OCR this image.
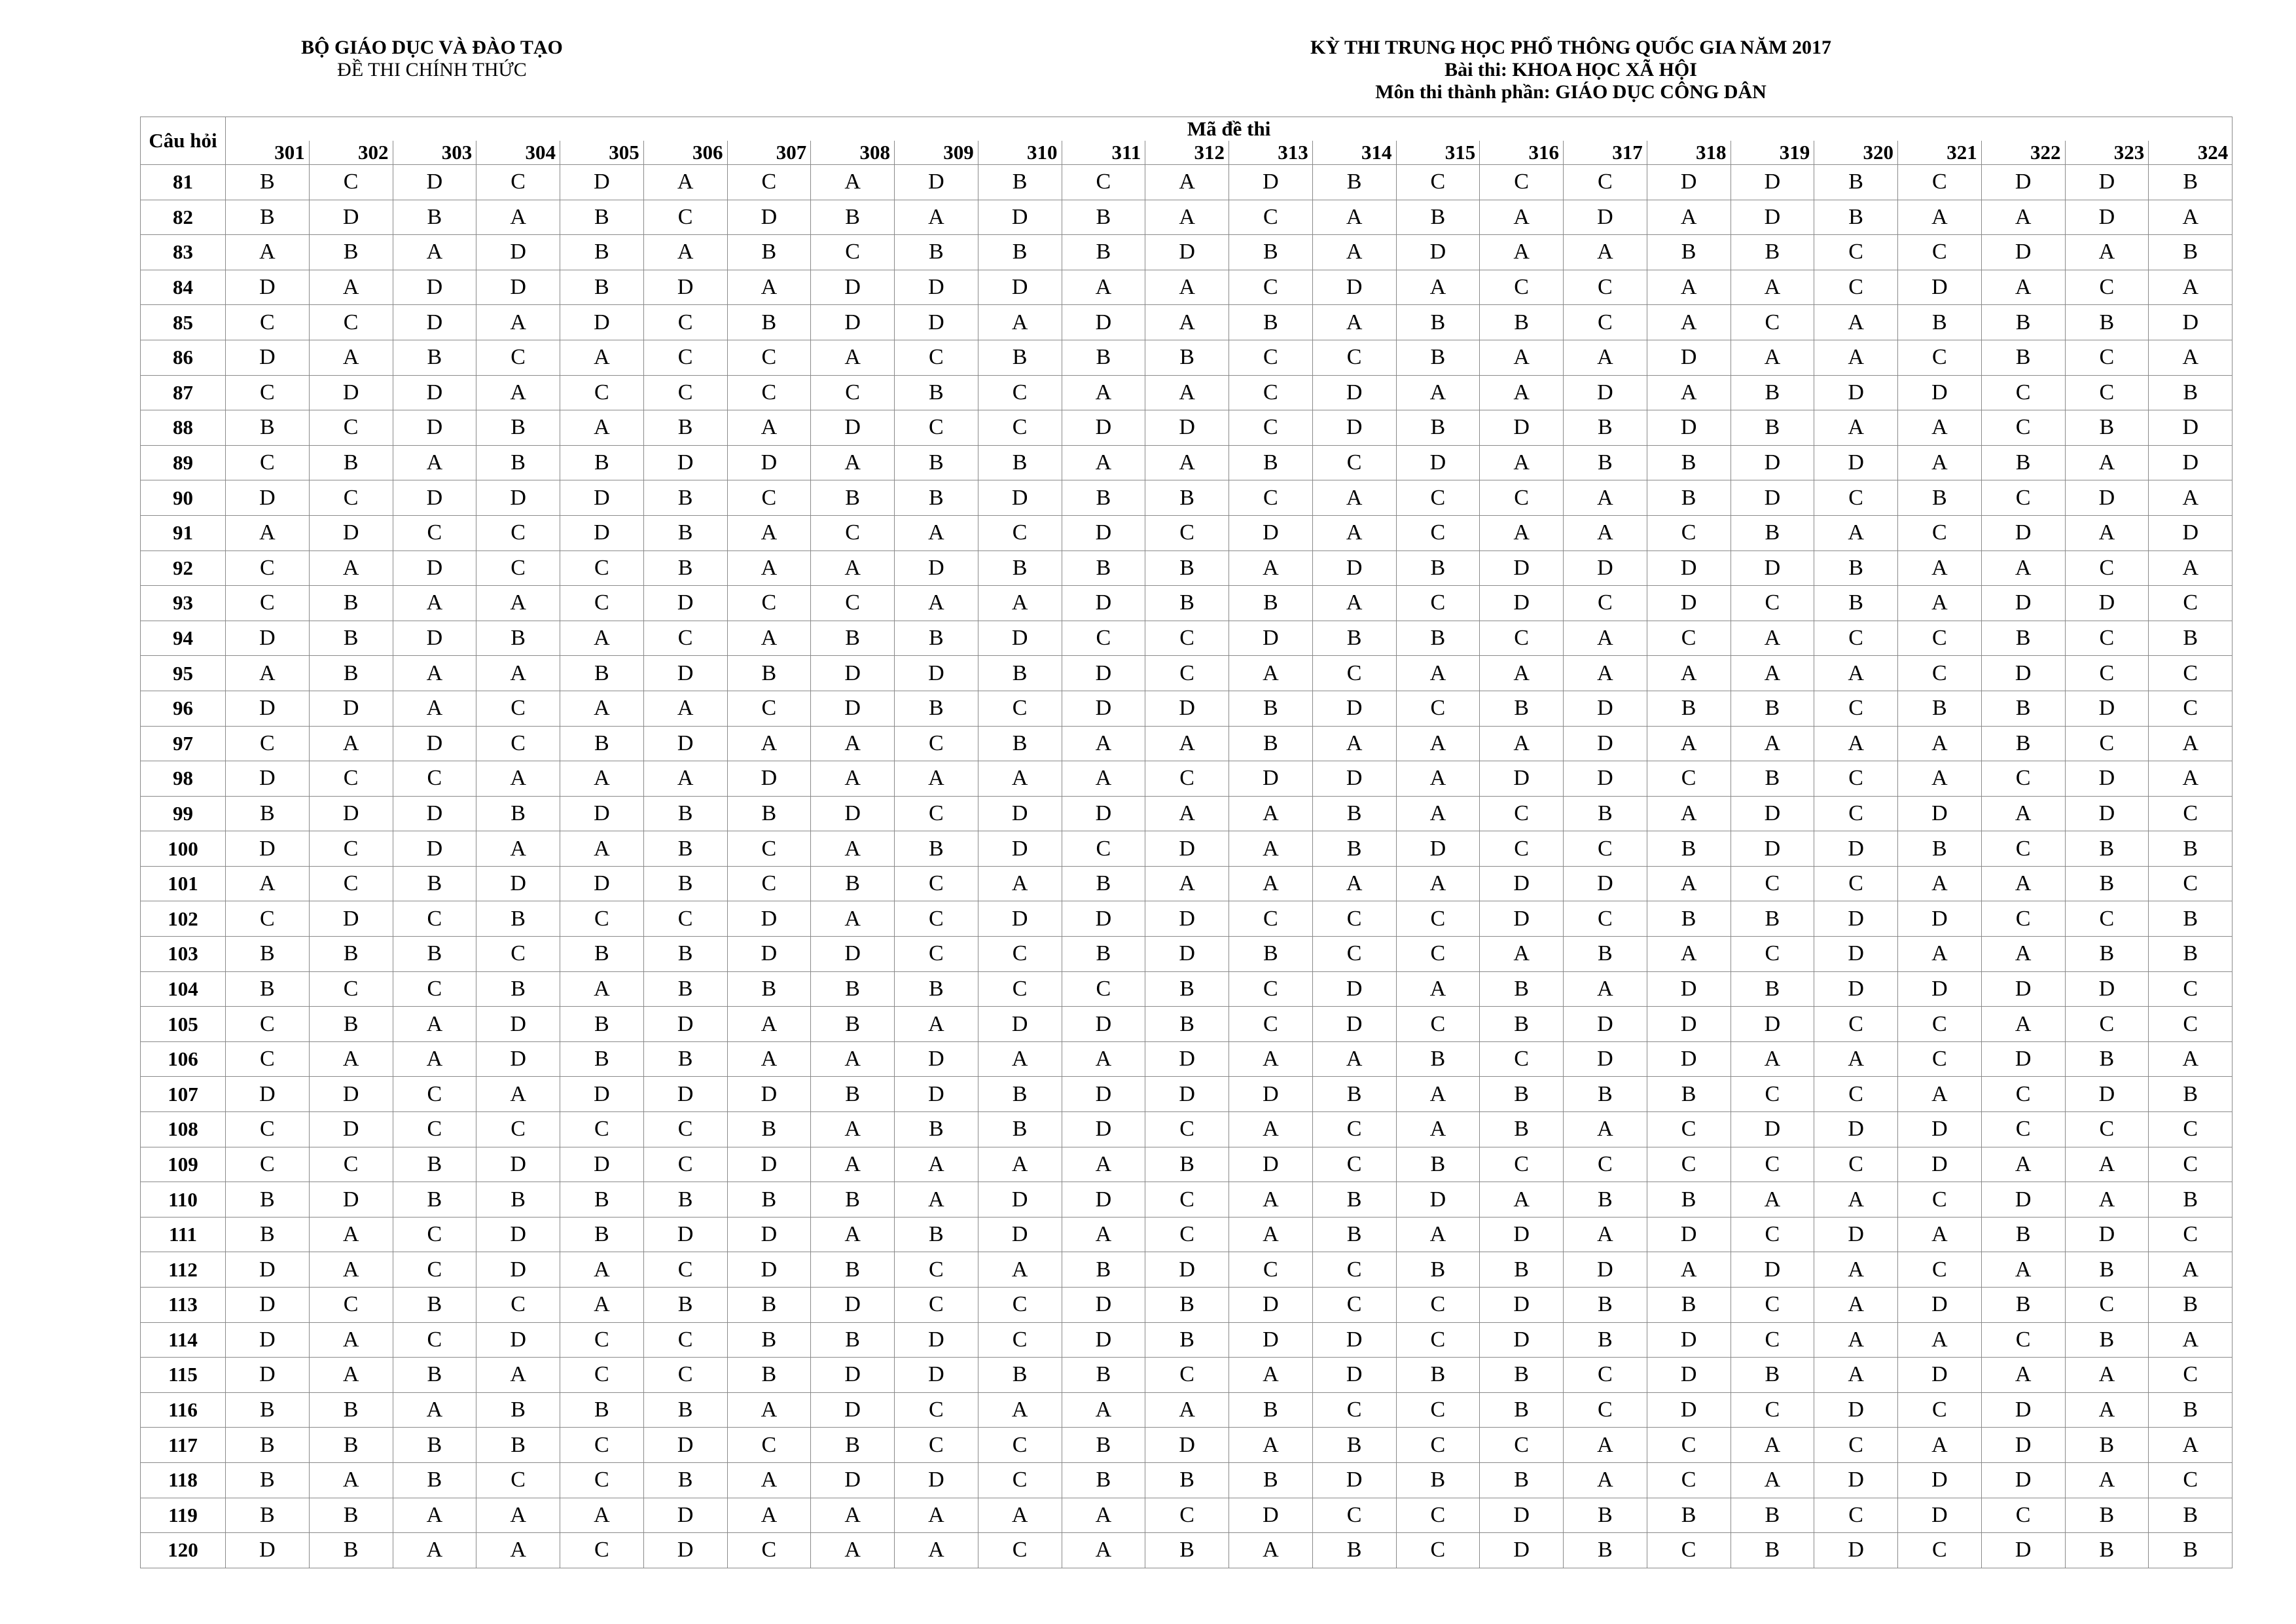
BỘ GIÁO DỤC VÀ ĐÀO TẠO
ĐỀ THI CHÍNH THỨC
KỲ THI TRUNG HỌC PHỔ THÔNG QUỐC GIA NĂM 2017
Bài thi: KHOA HỌC XÃ HỘI
Môn thi thành phần: GIÁO DỤC CÔNG DÂN
Câu hỏi	Mã đề thi																							
	301	302	303	304	305	306	307	308	309	310	311	312	313	314	315	316	317	318	319	320	321	322	323	324
81	B	C	D	C	D	A	C	A	D	B	C	A	D	B	C	C	C	D	D	B	C	D	D	B
82	B	D	B	A	B	C	D	B	A	D	B	A	C	A	B	A	D	A	D	B	A	A	D	A
83	A	B	A	D	B	A	B	C	B	B	B	D	B	A	D	A	A	B	B	C	C	D	A	B
84	D	A	D	D	B	D	A	D	D	D	A	A	C	D	A	C	C	A	A	C	D	A	C	A
85	C	C	D	A	D	C	B	D	D	A	D	A	B	A	B	B	C	A	C	A	B	B	B	D
86	D	A	B	C	A	C	C	A	C	B	B	B	C	C	B	A	A	D	A	A	C	B	C	A
87	C	D	D	A	C	C	C	C	B	C	A	A	C	D	A	A	D	A	B	D	D	C	C	B
88	B	C	D	B	A	B	A	D	C	C	D	D	C	D	B	D	B	D	B	A	A	C	B	D
89	C	B	A	B	B	D	D	A	B	B	A	A	B	C	D	A	B	B	D	D	A	B	A	D
90	D	C	D	D	D	B	C	B	B	D	B	B	C	A	C	C	A	B	D	C	B	C	D	A
91	A	D	C	C	D	B	A	C	A	C	D	C	D	A	C	A	A	C	B	A	C	D	A	D
92	C	A	D	C	C	B	A	A	D	B	B	B	A	D	B	D	D	D	D	B	A	A	C	A
93	C	B	A	A	C	D	C	C	A	A	D	B	B	A	C	D	C	D	C	B	A	D	D	C
94	D	B	D	B	A	C	A	B	B	D	C	C	D	B	B	C	A	C	A	C	C	B	C	B
95	A	B	A	A	B	D	B	D	D	B	D	C	A	C	A	A	A	A	A	A	C	D	C	C
96	D	D	A	C	A	A	C	D	B	C	D	D	B	D	C	B	D	B	B	C	B	B	D	C
97	C	A	D	C	B	D	A	A	C	B	A	A	B	A	A	A	D	A	A	A	A	B	C	A
98	D	C	C	A	A	A	D	A	A	A	A	C	D	D	A	D	D	C	B	C	A	C	D	A
99	B	D	D	B	D	B	B	D	C	D	D	A	A	B	A	C	B	A	D	C	D	A	D	C
100	D	C	D	A	A	B	C	A	B	D	C	D	A	B	D	C	C	B	D	D	B	C	B	B
101	A	C	B	D	D	B	C	B	C	A	B	A	A	A	A	D	D	A	C	C	A	A	B	C
102	C	D	C	B	C	C	D	A	C	D	D	D	C	C	C	D	C	B	B	D	D	C	C	B
103	B	B	B	C	B	B	D	D	C	C	B	D	B	C	C	A	B	A	C	D	A	A	B	B
104	B	C	C	B	A	B	B	B	B	C	C	B	C	D	A	B	A	D	B	D	D	D	D	C
105	C	B	A	D	B	D	A	B	A	D	D	B	C	D	C	B	D	D	D	C	C	A	C	C
106	C	A	A	D	B	B	A	A	D	A	A	D	A	A	B	C	D	D	A	A	C	D	B	A
107	D	D	C	A	D	D	D	B	D	B	D	D	D	B	A	B	B	B	C	C	A	C	D	B
108	C	D	C	C	C	C	B	A	B	B	D	C	A	C	A	B	A	C	D	D	D	C	C	C
109	C	C	B	D	D	C	D	A	A	A	A	B	D	C	B	C	C	C	C	C	D	A	A	C
110	B	D	B	B	B	B	B	B	A	D	D	C	A	B	D	A	B	B	A	A	C	D	A	B
111	B	A	C	D	B	D	D	A	B	D	A	C	A	B	A	D	A	D	C	D	A	B	D	C
112	D	A	C	D	A	C	D	B	C	A	B	D	C	C	B	B	D	A	D	A	C	A	B	A
113	D	C	B	C	A	B	B	D	C	C	D	B	D	C	C	D	B	B	C	A	D	B	C	B
114	D	A	C	D	C	C	B	B	D	C	D	B	D	D	C	D	B	D	C	A	A	C	B	A
115	D	A	B	A	C	C	B	D	D	B	B	C	A	D	B	B	C	D	B	A	D	A	A	C
116	B	B	A	B	B	B	A	D	C	A	A	A	B	C	C	B	C	D	C	D	C	D	A	B
117	B	B	B	B	C	D	C	B	C	C	B	D	A	B	C	C	A	C	A	C	A	D	B	A
118	B	A	B	C	C	B	A	D	D	C	B	B	B	D	B	B	A	C	A	D	D	D	A	C
119	B	B	A	A	A	D	A	A	A	A	A	C	D	C	C	D	B	B	B	C	D	C	B	B
120	D	B	A	A	C	D	C	A	A	C	A	B	A	B	C	D	B	C	B	D	C	D	B	B
